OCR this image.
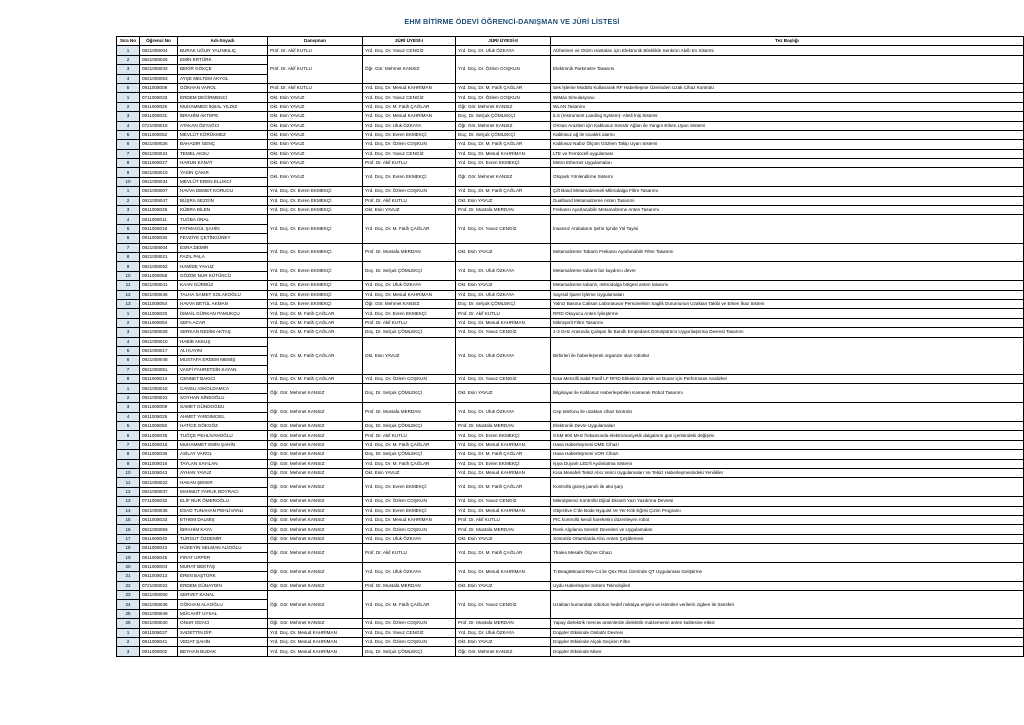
EHM BİTİRME ÖDEVİ ÖĞRENCİ-DANIŞMAN VE JÜRİ LİSTESİ
Sıra No	Öğrenci No	Adı-Soyadı	Danışman	JÜRİ ÜYESİ-I	JÜRİ ÜYESİ-II	Tez Başlığı
1	0821008004	BURAK UĞUR YALINKILIÇ	Prof. Dr. Akif KUTLU	Yrd. Doç. Dr. Yavuz CENGİZ	Yrd. Doç. Dr. Ufuk ÖZKAYA	Alzheimer ve Otizm Hastaları için Elektronik Bileklikle Senkron Akıllı Ev Sistemi
2	0821008026	EMİN ERTÜRK	Prof. Dr. Akif KUTLU	Öğr. Gör. Mehmet KANSIZ	Yrd. Doç. Dr. Özlem COŞKUN	Elektronik Parkmetre Tasarımı
3	0821008033	BEKİR GÖKÇE				
4	0821008053	AYŞE MELTEM AKYOL				
5	0911008009	GÖKHAN VAROL	Prof. Dr. Akif KUTLU	Yrd. Doç. Dr. Mesud KAHRİMAN	Yrd. Doç. Dr. M. Fatih ÇAĞLAR	Ses İşleme Modülü Kullanarak RF Haberleşme Üzerinden Uzak Cihaz Kontrolü
1	0711008033	ERDEM DEĞİRMENCİ	Okt. Esin YAVUZ	Yrd. Doç. Dr. Yavuz CENGİZ	Yrd. Doç. Dr. Özlem COŞKUN	WiMax Simulasyonu
2	0911008026	MUHAMMED İKBAL YILDIZ	Okt. Esin YAVUZ	Yrd. Doç. Dr. M. Fatih ÇAĞLAR	Öğr. Gör. Mehmet KANSIZ	WLAN Tasarımı
3	0911008031	İBRAHİM AKTEPE	Okt. Esin YAVUZ	Yrd. Doç. Dr. Mesud KAHRİMAN	Doç. Dr. Selçuk ÇÖMLEKÇİ	ILS (Instrument Landing System)- Aletli İniş Sistemi
4	0721008018	ATAKAN ÖZYAĞCI	Okt. Esin YAVUZ	Yrd. Doç. Dr. Ufuk ÖZKAYA	Öğr. Gör. Mehmet KANSIZ	Orman Arazileri için Kablosuz Sensör Ağları ile Yangın Erken Uyarı Sistemi
5	0811008052	MEVLÜT KÖRÜKMEZ	Okt. Esin YAVUZ	Yrd. Doç. Dr. Evren EKMEKÇİ	Doç. Dr. Selçuk ÇÖMLEKÇİ	Kablosuz ağ ile sıcaklık alarmı
6	0921008026	BAHADIR GENÇ	Okt. Esin YAVUZ	Yrd. Doç. Dr. Özlem COŞKUN	Yrd. Doç. Dr. M. Fatih ÇAĞLAR	Kablosuz Nabız Ölçüm Gözlem Takip Uyarı Sistemi
7	0921008024	TEMEL AKSU	Okt. Esin YAVUZ	Yrd. Doç. Dr. Yavuz CENGİZ	Yrd. Doç. Dr. Mesud KAHRİMAN	LTE ve Femtocell uygulaması
8	0811008027	HARUN KANAT	Okt. Esin YAVUZ	Prof. Dr. Akif KUTLU	Yrd. Doç. Dr. Evren EKMEKÇİ	Metro Ethernet Uygulamaları
9	0821008019	YASİN ÇAKIR	Okt. Esin YAVUZ	Yrd. Doç. Dr. Evren EKMEKÇİ	Öğr. Gör. Mehmet KANSIZ	Otopark Yönlendirme Sistemi
10	0821008034	MEVLÜT EREN ELLİKCİ				
1	0921008007	HAVVA DEMET KORUCU	Yrd. Doç. Dr. Evren EKMEKÇİ	Yrd. Doç. Dr. Özlem COŞKUN	Yrd. Doç. Dr. M. Fatih ÇAĞLAR	Çift Band Metamalzemeli Mikrodalga Filtre Tasarımı
2	0921008047	BÜŞRA SEZGİN	Yrd. Doç. Dr. Evren EKMEKÇİ	Prof. Dr. Akif KUTLU	Okt. Esin YAVUZ	Dualband Metamalzeme Anten Tasarımı
3	0811008049	KÜBRA BİLEN	Yrd. Doç. Dr. Evren EKMEKÇİ	Okt. Esin YAVUZ	Prof. Dr. Mustafa MERDAN	Frekansı Ayarlanabilir Metamalzeme Anten Tasarımı
4	0811008011	TUĞBA ÜNAL	Yrd. Doç. Dr. Evren EKMEKÇİ	Yrd. Doç. Dr. M. Fatih ÇAĞLAR	Yrd. Doç. Dr. Yavuz CENGİZ	İnsansız Arabaların Şehir İçinde Yol Tayini
5	0911008018	FATMAGÜL ŞAHİN				
6	0911008030	FEVZİYE ÇETİNGÜNEY				
7	0821008004	ESRA DEMİR	Yrd. Doç. Dr. Evren EKMEKÇİ	Prof. Dr. Mustafa MERDAN	Okt. Esin YAVUZ	Metamalzeme Tabanlı Frekansı Ayarlanabilir Filtre Tasarımı
8	0821008021	FAZIL PALA				
9	0921008052	HAMİDE YAVUZ	Yrd. Doç. Dr. Evren EKMEKÇİ	Doç. Dr. Selçuk ÇÖMLEKÇİ	Yrd. Doç. Dr. Ufuk ÖZKAYA	Metamalzeme tabanlı faz kaydırıcı devre
10	0911008058	GÖZDE NUR KÜTÜKCÜ				
11	0821008041	KAAN GÜRBÜZ	Yrd. Doç. Dr. Evren EKMEKÇİ	Yrd. Doç. Dr. Ufuk ÖZKAYA	Okt. Esin YAVUZ	Metamalzeme tabanlı, mikrodalga bölgesi anten tasarımı
12	0921008046	TALHA SAMET SOLAKOĞLU	Yrd. Doç. Dr. Evren EKMEKÇİ	Yrd. Doç. Dr. Mesud KAHRİMAN	Yrd. Doç. Dr. Ufuk ÖZKAYA	Sayısal İşaret İşleme Uygulamaları
13	0811008054	HAVVA BETÜL AKMAN	Yrd. Doç. Dr. Evren EKMEKÇİ	Öğr. Gör. Mehmet KANSIZ	Doç. Dr. Selçuk ÇÖMLEKÇİ	Yalnız Basına Calisan Laboratuvar Personelinin Saglik Durumunun Uzaktan Takibi ve Erken İkaz Sistem
1	0811008020	İSMAİL GÜRKAN PAMUKÇU	Yrd. Doç. Dr. M. Fatih ÇAĞLAR	Yrd. Doç. Dr. Evren EKMEKÇİ	Prof. Dr. Akif KUTLU	RFID Okuyucu Anten İyileştirme
2	0911008054	SEFA ACAR	Yrd. Doç. Dr. M. Fatih ÇAĞLAR	Prof. Dr. Akif KUTLU	Yrd. Doç. Dr. Mesud KAHRİMAN	Mikroşerit Filtre Tasarımı
3	0821008028	SERKAN NEDİM AKTAŞ	Yrd. Doç. Dr. M. Fatih ÇAĞLAR	Doç. Dr. Selçuk ÇÖMLEKÇİ	Yrd. Doç. Dr. Yavuz CENGİZ	1-3 GHz Arasında Çalışan İki Bandlı Empedans Dönüştürücü Uygunlaştırma Devresi Tasarımı
4	0821008010	HABİB AKKUŞ	Yrd. Doç. Dr. M. Fatih ÇAĞLAR	Okt. Esin YAVUZ	Yrd. Doç. Dr. Ufuk ÖZKAYA	Birbirleri ile haberleşerek organize olan robotlar
5	0921008017	ALİ KAYIM				
6	0921008048	MUSTAFA ERDEM MEMİŞ				
7	0921008051	VASFİ FAHRETDİN KAYAN				
8	0811008014	CENNET BAKICI	Yrd. Doç. Dr. M. Fatih ÇAĞLAR	Yrd. Doç. Dr. Özlem COŞKUN	Yrd. Doç. Dr. Yavuz CENGİZ	Kısa Menzilli Sabit Pasif LF RFID Etiketinin Zemin ve Duvar için Performans Analizleri
1	0921008018	CANSU ASKOLDAMCA	Öğr. Gör. Mehmet KANSIZ	Doç. Dr. Selçuk ÇÖMLEKÇİ	Okt. Esin YAVUZ	Bilgisayar ile Kablosuz Haberleşebilen Kameralı Robot Tasarımı
2	0921008022	SOYHAN SİNEOĞLU				
3	0811008009	SAMET GÜNDOĞDU	Öğr. Gör. Mehmet KANSIZ	Prof. Dr. Mustafa MERDAN	Yrd. Doç. Dr. Ufuk ÖZKAYA	Cep telefonu ile uzaktan cihaz kontrolü
4	0811008025	AHMET YARDIMCIEL				
5	0811008050	HATİCE GÖKGÖZ	Öğr. Gör. Mehmet KANSIZ	Doç. Dr. Selçuk ÇÖMLEKÇİ	Prof. Dr. Mustafa MERDAN	Elektronik Devre Uygulamaları
6	0911008035	TUĞÇE PEHLİVANOĞLU	Öğr. Gör. Mehmet KANSIZ	Prof. Dr. Akif KUTLU	Yrd. Doç. Dr. Evren EKMEKÇİ	GSM 900 MHz frekansında elektromanyetik dalgaların gün içerisindeki değişimi
7	0911008015	MUHAMMET EMİN ŞAHİN	Öğr. Gör. Mehmet KANSIZ	Yrd. Doç. Dr. M. Fatih ÇAĞLAR	Yrd. Doç. Dr. Mesud KAHRİMAN	Hava Haberleşmesi DME Cihazı
8	0911008036	ASİLAY VAROL	Öğr. Gör. Mehmet KANSIZ	Doç. Dr. Selçuk ÇÖMLEKÇİ	Yrd. Doç. Dr. M. Fatih ÇAĞLAR	Hava Haberleşmesi VOR Cihazı
9	0911008016	TAYLAN SAYILAN	Öğr. Gör. Mehmet KANSIZ	Yrd. Doç. Dr. M. Fatih ÇAĞLAR	Yrd. Doç. Dr. Evren EKMEKÇİ	Işıya Duyarlı LED'li Aydınlatma Sistemi
10	0911008043	AYHAN YAVUZ	Öğr. Gör. Mehmet KANSIZ	Okt. Esin YAVUZ	Yrd. Doç. Dr. Mesud KAHRİMAN	Kısa Mesafeli Telsiz Alıcı Verici Uygulamaları Ve Telsiz Haberleşmesindeki Yenilikler
11	0821008022	HAKAN ŞEKER	Öğr. Gör. Mehmet KANSIZ	Yrd. Doç. Dr. Evren EKMEKÇİ	Yrd. Doç. Dr. M. Fatih ÇAĞLAR	Kontrollü güneş paneli ile akü şarjı
12	0921008037	MAHMUT FARUK BOYRACI				
13	0711008032	ELİF NUR ÖMEROĞLU	Öğr. Gör. Mehmet KANSIZ	Yrd. Doç. Dr. Özlem COŞKUN	Yrd. Doç. Dr. Yavuz CENGİZ	Mikroişlemci Kontrollü Dijital Ekranlı Yazı Yazdırma Devresi
14	0821008035	ESAD TUNAHAN PEHLİVANLI	Öğr. Gör. Mehmet KANSIZ	Yrd. Doç. Dr. Evren EKMEKÇİ	Yrd. Doç. Dr. Mesud KAHRİMAN	Objective C'de Bode Nyquist Ve Yer Kök Eğrisi Çizim Programı
15	0811008033	ETHEM DALMIŞ	Öğr. Gör. Mehmet KANSIZ	Yrd. Doç. Dr. Mesud KAHRİMAN	Prof. Dr. Akif KUTLU	PIC kontrollü kendi hareketini düzenleyen robot
16	0921008059	İBRAHİM KAYA	Öğr. Gör. Mehmet KANSIZ	Yrd. Doç. Dr. Özlem COŞKUN	Prof. Dr. Mustafa MERDAN	Renk Algılama Sensör Devreleri ve Uygulamaları
17	0911008040	TURGUT ÖZDEMİR	Öğr. Gör. Mehmet KANSIZ	Yrd. Doç. Dr. Ufuk ÖZKAYA	Okt. Esin YAVUZ	Sönümlü Ortamlarda Alıcı Anten Çeşitlemesi
18	0811008043	HÜSEYİN SELMAN ALİOĞLU	Öğr. Gör. Mehmet KANSIZ	Prof. Dr. Akif KUTLU	Yrd. Doç. Dr. M. Fatih ÇAĞLAR	Thales Mesafe Ölçme Cihazı
19	0811008045	FIRAT URPER				
20	0811008004	MURAT BEKTAŞ	Öğr. Gör. Mehmet KANSIZ	Yrd. Doç. Dr. Ufuk ÖZKAYA	Yrd. Doç. Dr. Mesud KAHRİMAN	Ti BeagleBoard Rev C4 ile Qnx Rtos Üzerinde QT Uygulaması Geliştirme
21	0911008013	EREN BAŞTÜRK				
22	0721008022	ERDEM GÜNAYDIN	Öğr. Gör. Mehmet KANSIZ	Prof. Dr. Mustafa MERDAN	Okt. Esin YAVUZ	Uydu Haberleşme Sistem Teknolojileri
23	0821008050	SERVET KANAL	Öğr. Gör. Mehmet KANSIZ	Yrd. Doç. Dr. M. Fatih ÇAĞLAR	Yrd. Doç. Dr. Yavuz CENGİZ	Uzaktan kumandalı robotun hedef noktaya erişimi ve istenilen verilerin zigbee ile transferi
24	0921008036	GÖKHAN ALAOĞLU				
25	0921008049	MÜCAHİT UYSAL				
26	0921008030	ONUR ODACI	Öğr. Gör. Mehmet KANSIZ	Yrd. Doç. Dr. Özlem COŞKUN	Prof. Dr. Mustafa MERDAN	Yapay dielektrik merceк antenlerde dielektrik malzemenin anten kalitesine etkisi
1	0811008037	SADETTİN DİP	Yrd. Doç. Dr. Mesud KAHRİMAN	Yrd. Doç. Dr. Yavuz CENGİZ	Yrd. Doç. Dr. Ufuk ÖZKAYA	Doppler Etkisinde Osilatör Devresi
2	0811008041	VEDAT ŞAHİN	Yrd. Doç. Dr. Mesud KAHRİMAN	Yrd. Doç. Dr. Özlem COŞKUN	Okt. Esin YAVUZ	Doppler Etkisinde Alçak Geçiren Filtre
3	0911008002	BEYHAN BUDAK	Yrd. Doç. Dr. Mesud KAHRİMAN	Doç. Dr. Selçuk ÇÖMLEKÇİ	Öğr. Gör. Mehmet KANSIZ	Doppler Etkisinde Mixer
